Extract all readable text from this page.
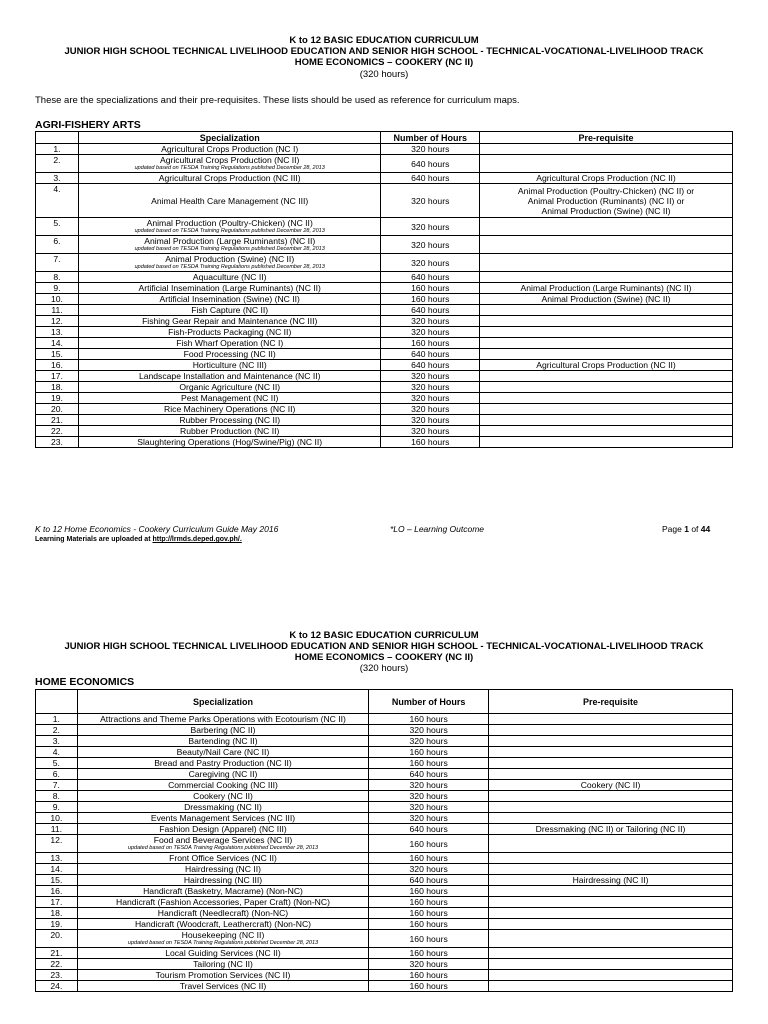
K to 12 BASIC EDUCATION CURRICULUM
JUNIOR HIGH SCHOOL TECHNICAL LIVELIHOOD EDUCATION AND SENIOR HIGH SCHOOL - TECHNICAL-VOCATIONAL-LIVELIHOOD TRACK
HOME ECONOMICS – COOKERY (NC II)
(320 hours)
These are the specializations and their pre-requisites. These lists should be used as reference for curriculum maps.
AGRI-FISHERY ARTS
	Specialization	Number of Hours	Pre-requisite
1.	Agricultural Crops Production (NC I)	320 hours	
2.	Agricultural Crops Production (NC II)
updated based on TESDA Training Regulations published December 28, 2013	640 hours	
3.	Agricultural Crops Production (NC III)	640 hours	Agricultural Crops Production (NC II)
4.	Animal Health Care Management (NC III)	320 hours	Animal Production (Poultry-Chicken) (NC II) or
Animal Production (Ruminants) (NC II) or
Animal Production (Swine) (NC II)
5.	Animal Production (Poultry-Chicken) (NC II)
updated based on TESDA Training Regulations published December 28, 2013	320 hours	
6.	Animal Production (Large Ruminants) (NC II)
updated based on TESDA Training Regulations published December 28, 2013	320 hours	
7.	Animal Production (Swine) (NC II)
updated based on TESDA Training Regulations published December 28, 2013	320 hours	
8.	Aquaculture (NC II)	640 hours	
9.	Artificial Insemination (Large Ruminants) (NC II)	160 hours	Animal Production (Large Ruminants) (NC II)
10.	Artificial Insemination (Swine) (NC II)	160 hours	Animal Production (Swine) (NC II)
11.	Fish Capture (NC II)	640 hours	
12.	Fishing Gear Repair and Maintenance (NC III)	320 hours	
13.	Fish-Products Packaging (NC II)	320 hours	
14.	Fish Wharf Operation (NC I)	160 hours	
15.	Food Processing (NC II)	640 hours	
16.	Horticulture (NC III)	640 hours	Agricultural Crops Production (NC II)
17.	Landscape Installation and Maintenance (NC II)	320 hours	
18.	Organic Agriculture (NC II)	320 hours	
19.	Pest Management (NC II)	320 hours	
20.	Rice Machinery Operations (NC II)	320 hours	
21.	Rubber Processing (NC II)	320 hours	
22.	Rubber Production (NC II)	320 hours	
23.	Slaughtering Operations (Hog/Swine/Pig) (NC II)	160 hours	
K to 12 Home Economics - Cookery Curriculum Guide May 2016	*LO – Learning Outcome	Page 1 of 44
Learning Materials are uploaded at http://lrmds.deped.gov.ph/.
K to 12 BASIC EDUCATION CURRICULUM
JUNIOR HIGH SCHOOL TECHNICAL LIVELIHOOD EDUCATION AND SENIOR HIGH SCHOOL - TECHNICAL-VOCATIONAL-LIVELIHOOD TRACK
HOME ECONOMICS – COOKERY (NC II)
(320 hours)
HOME ECONOMICS
	Specialization	Number of Hours	Pre-requisite
1.	Attractions and Theme Parks Operations with Ecotourism (NC II)	160 hours	
2.	Barbering (NC II)	320 hours	
3.	Bartending (NC II)	320 hours	
4.	Beauty/Nail Care (NC II)	160 hours	
5.	Bread and Pastry Production (NC II)	160 hours	
6.	Caregiving (NC II)	640 hours	
7.	Commercial Cooking (NC III)	320 hours	Cookery (NC II)
8.	Cookery (NC II)	320 hours	
9.	Dressmaking (NC II)	320 hours	
10.	Events Management Services (NC III)	320 hours	
11.	Fashion Design (Apparel) (NC III)	640 hours	Dressmaking (NC II) or Tailoring (NC II)
12.	Food and Beverage Services (NC II)
updated based on TESDA Training Regulations published December 28, 2013	160 hours	
13.	Front Office Services (NC II)	160 hours	
14.	Hairdressing (NC II)	320 hours	
15.	Hairdressing (NC III)	640 hours	Hairdressing (NC II)
16.	Handicraft (Basketry, Macrame) (Non-NC)	160 hours	
17.	Handicraft (Fashion Accessories, Paper Craft) (Non-NC)	160 hours	
18.	Handicraft (Needlecraft) (Non-NC)	160 hours	
19.	Handicraft (Woodcraft, Leathercraft) (Non-NC)	160 hours	
20.	Housekeeping (NC II)
updated based on TESDA Training Regulations published December 28, 2013	160 hours	
21.	Local Guiding Services (NC II)	160 hours	
22.	Tailoring (NC II)	320 hours	
23.	Tourism Promotion Services (NC II)	160 hours	
24.	Travel Services (NC II)	160 hours	
